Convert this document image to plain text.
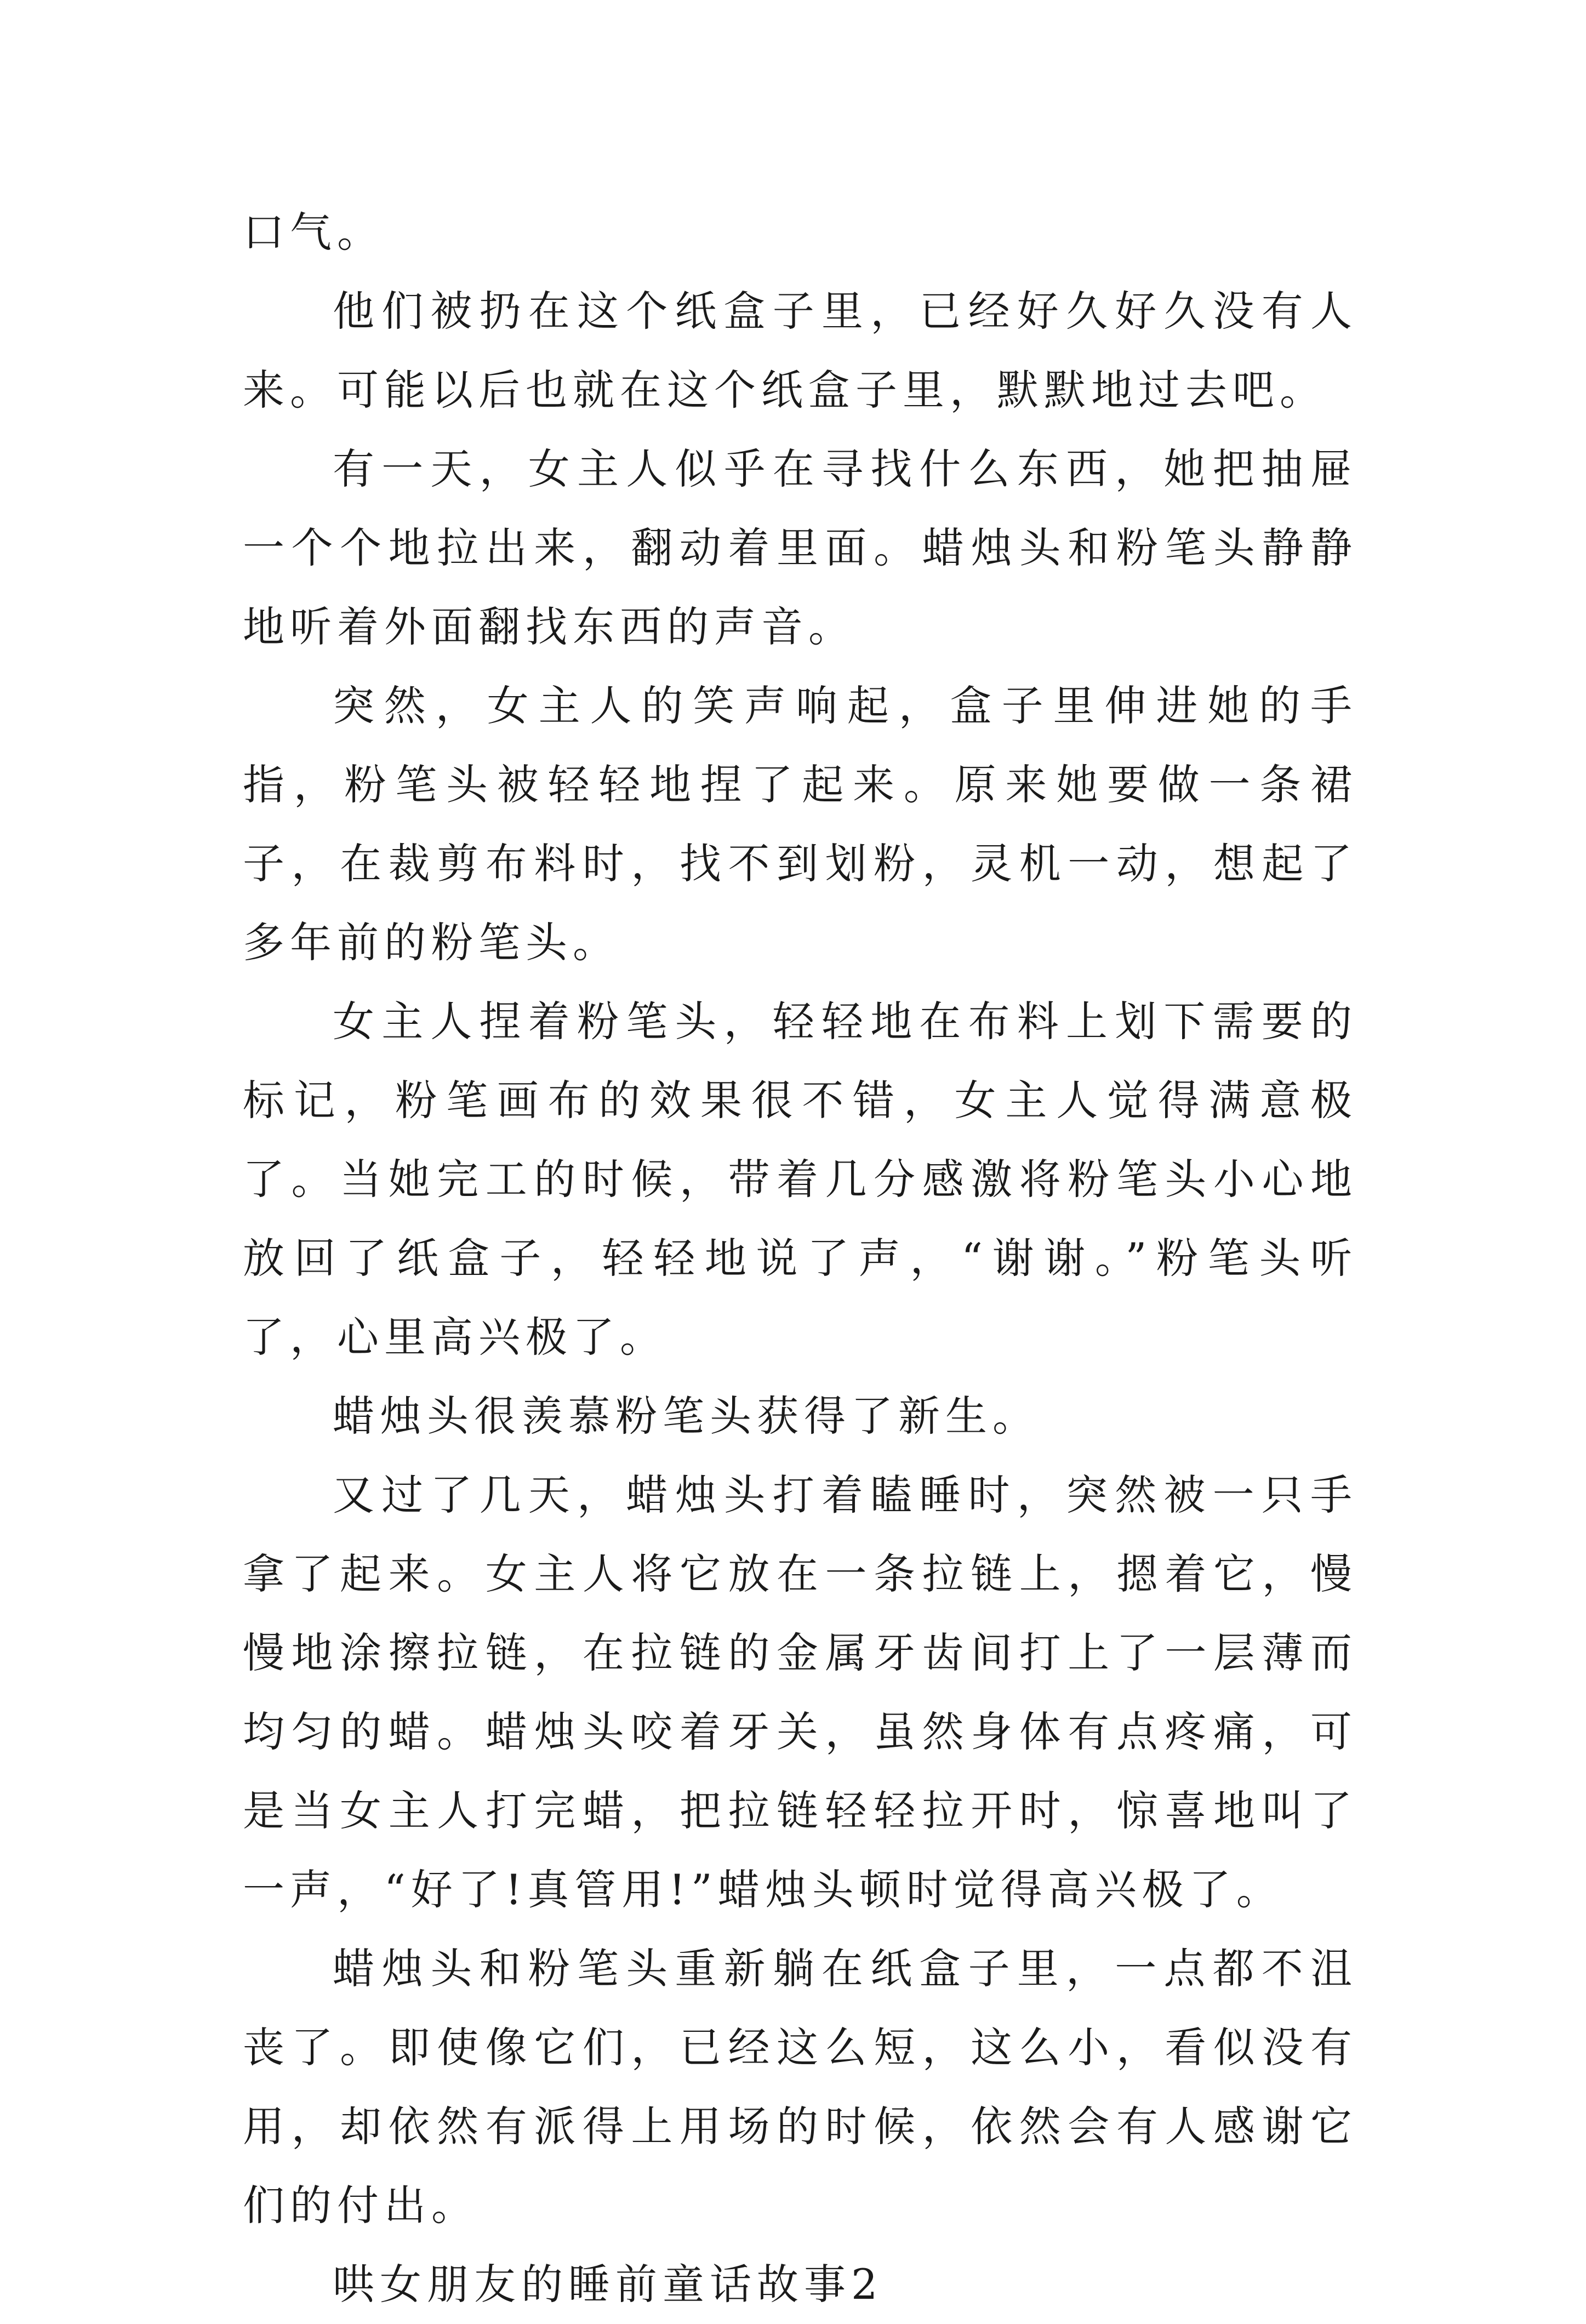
口气。

他们被扔在这个纸盒子里，已经好久好久没有人来。可能以后也就在这个纸盒子里，默默地过去吧。

有一天，女主人似乎在寻找什么东西，她把抽屉一个个地拉出来，翻动着里面。蜡烛头和粉笔头静静地听着外面翻找东西的声音。

突然，女主人的笑声响起，盒子里伸进她的手指，粉笔头被轻轻地捏了起来。原来她要做一条裙子，在裁剪布料时，找不到划粉，灵机一动，想起了多年前的粉笔头。

女主人捏着粉笔头，轻轻地在布料上划下需要的标记，粉笔画布的效果很不错，女主人觉得满意极了。当她完工的时候，带着几分感激将粉笔头小心地放回了纸盒子，轻轻地说了声，“谢谢。”粉笔头听了，心里高兴极了。

蜡烛头很羡慕粉笔头获得了新生。

又过了几天，蜡烛头打着瞌睡时，突然被一只手拿了起来。女主人将它放在一条拉链上，摁着它，慢慢地涂擦拉链，在拉链的金属牙齿间打上了一层薄而均匀的蜡。蜡烛头咬着牙关，虽然身体有点疼痛，可是当女主人打完蜡，把拉链轻轻拉开时，惊喜地叫了一声，“好了!真管用!”蜡烛头顿时觉得高兴极了。

蜡烛头和粉笔头重新躺在纸盒子里，一点都不沮丧了。即使像它们，已经这么短，这么小，看似没有用，却依然有派得上用场的时候，依然会有人感谢它们的付出。

哄女朋友的睡前童话故事2
